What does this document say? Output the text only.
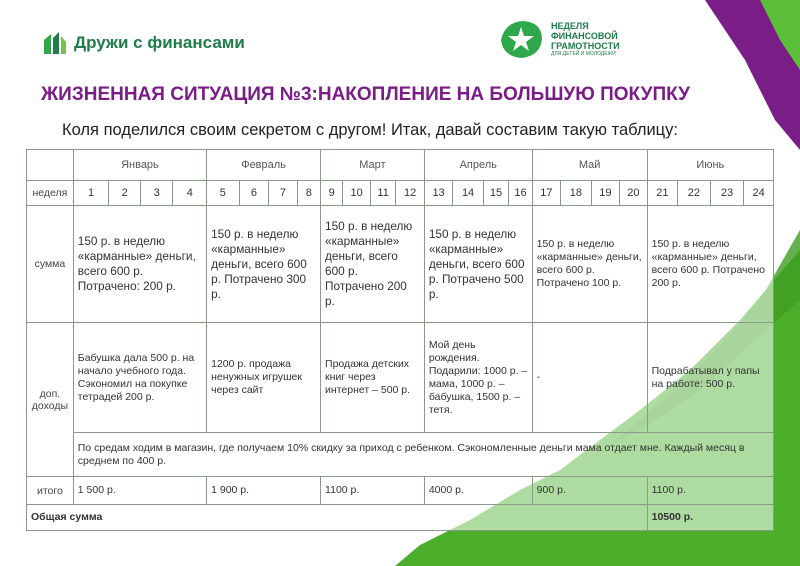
Дружи с финансами
НЕДЕЛЯ
ФИНАНСОВОЙ
ГРАМОТНОСТИ
ДЛЯ ДЕТЕЙ И МОЛОДЕЖИ
ЖИЗНЕННАЯ СИТУАЦИЯ №3:НАКОПЛЕНИЕ НА БОЛЬШУЮ ПОКУПКУ
Коля поделился своим секретом с другом! Итак, давай составим такую таблицу:
	Январь				Февраль				Март				Апрель				Май				Июнь			
неделя	1	2	3	4	5	6	7	8	9	10	11	12	13	14	15	16	17	18	19	20	21	22	23	24
сумма	150 р. в неделю «карманные» деньги, всего 600 р. Потрачено: 200 р.				150 р. в неделю «карманные» деньги, всего 600 р. Потрачено 300 р.				150 р. в неделю «карманные» деньги, всего 600 р. Потрачено 200 р.				150 р. в неделю «карманные» деньги, всего 600 р. Потрачено 500 р.				150 р. в неделю «карманные» деньги, всего 600 р. Потрачено 100 р.				150 р. в неделю «карманные» деньги, всего 600 р. Потрачено 200 р.			
доп. доходы	Бабушка дала 500 р. на начало учебного года. Сэкономил на покупке тетрадей 200 р.				1200 р. продажа ненужных игрушек через сайт				Продажа детских книг через интернет – 500 р.				Мой день рождения. Подарили: 1000 р. – мама, 1000 р. – бабушка, 1500 р. – тетя.				-				Подрабатывал у папы на работе: 500 р.			
	По средам ходим в магазин, где получаем 10% скидку за приход с ребенком. Сэкономленные деньги мама отдает мне. Каждый месяц в среднем по 400 р.																							
итого	1 500 р.				1 900 р.				1100 р.				4000 р.				900 р.				1100 р.			
Общая сумма																					10500 р.			
